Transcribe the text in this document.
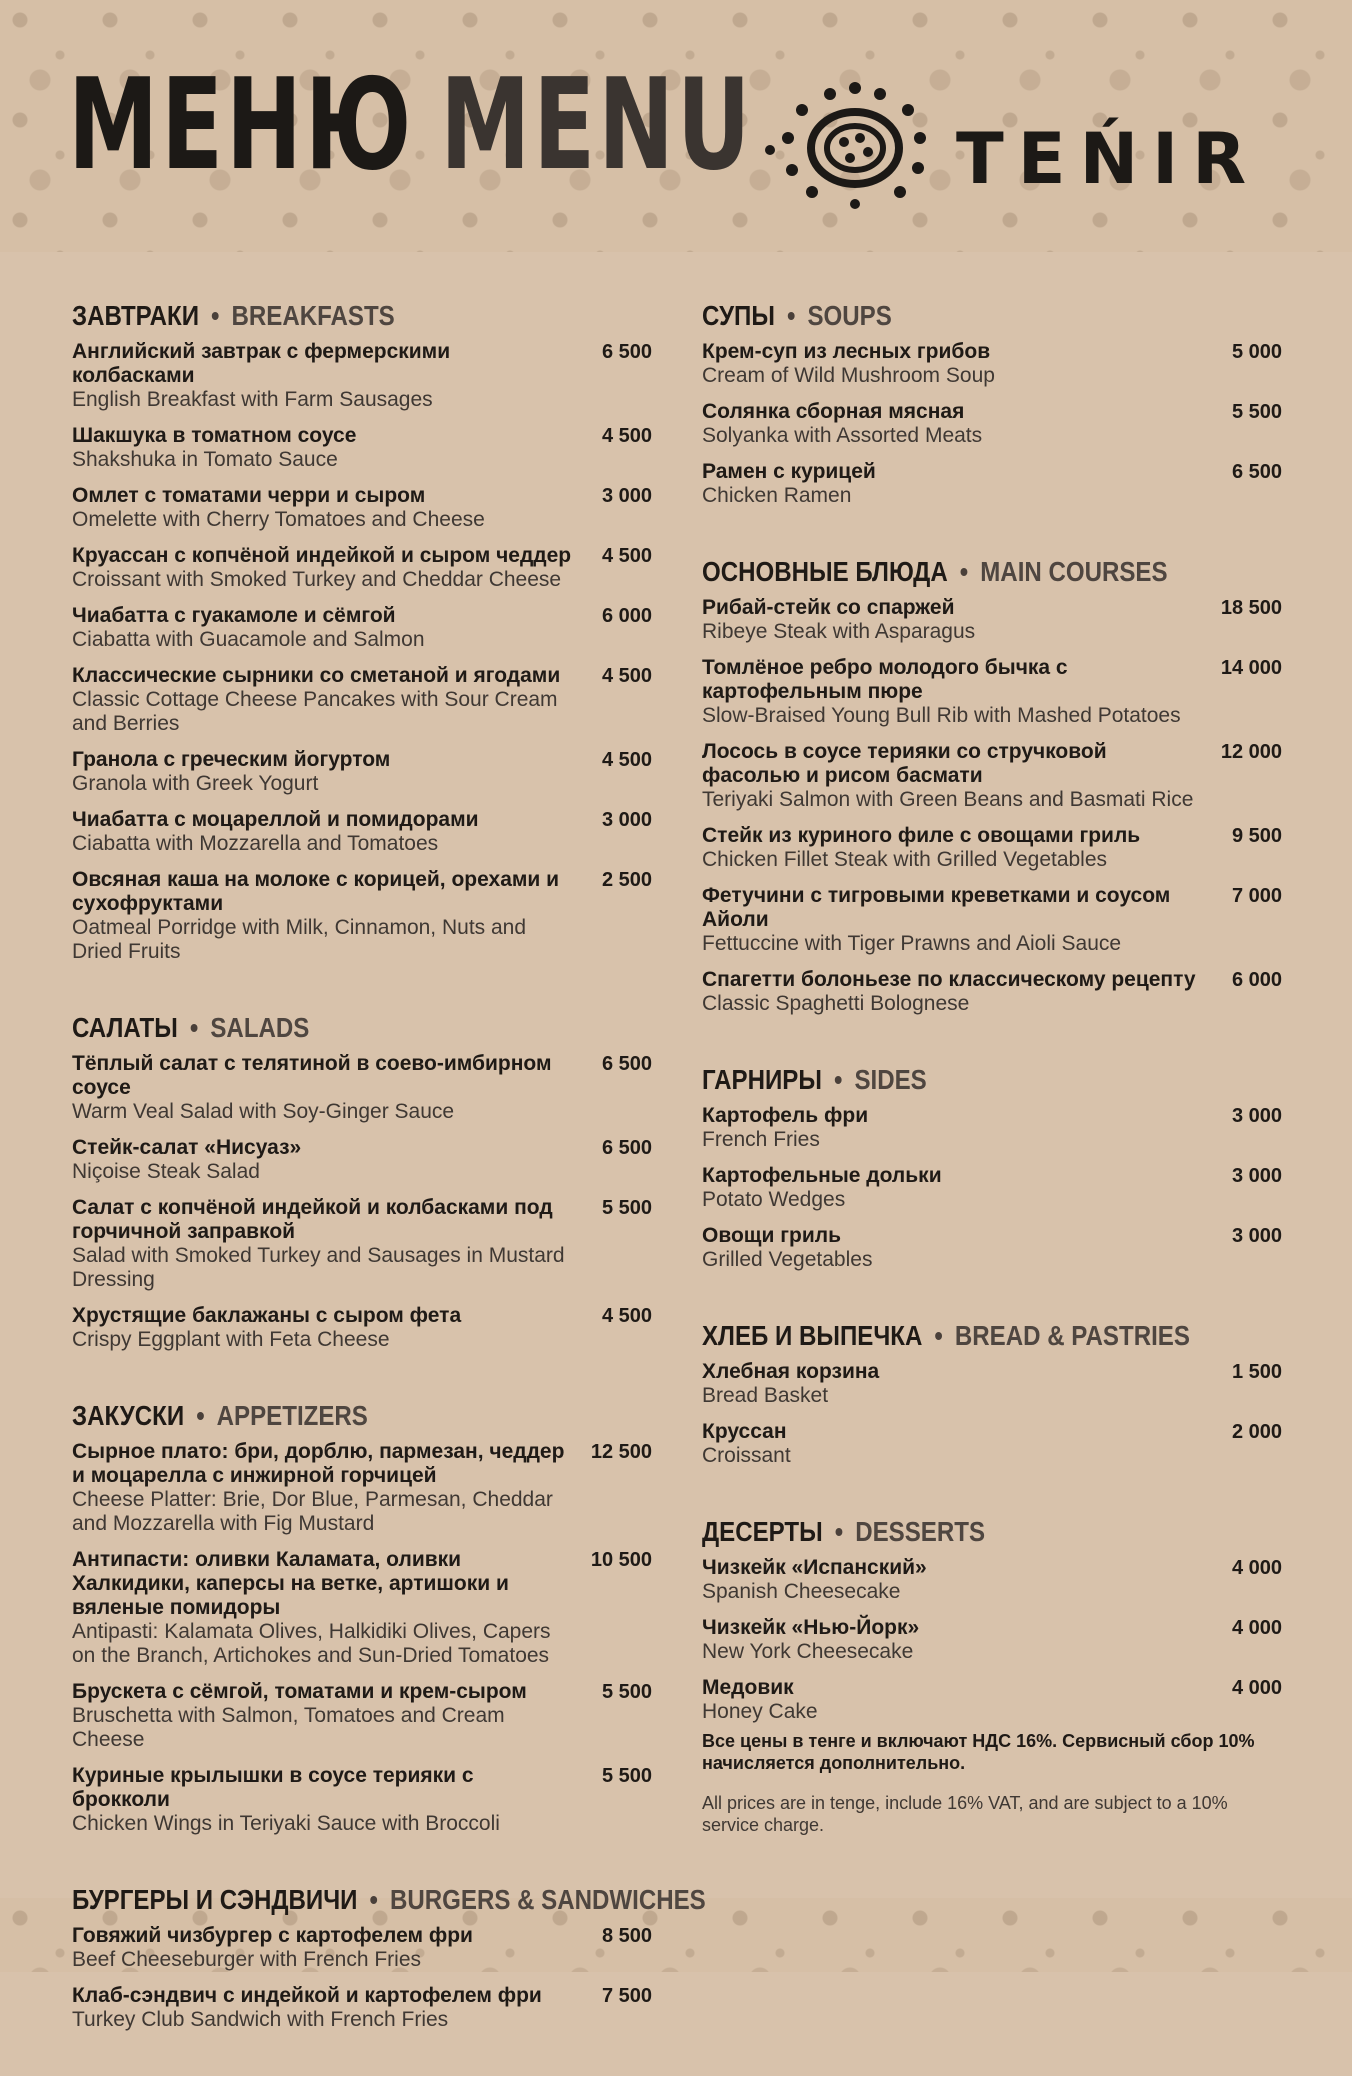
МЕНЮ MENU	TEŃIR
ЗАВТРАКИ • BREAKFASTS
Английский завтрак с фермерскими колбасками
English Breakfast with Farm Sausages
6 500
Шакшука в томатном соусе
Shakshuka in Tomato Sauce
4 500
Омлет с томатами черри и сыром
Omelette with Cherry Tomatoes and Cheese
3 000
Круассан с копчёной индейкой и сыром чеддер
Croissant with Smoked Turkey and Cheddar Cheese
4 500
Чиабатта с гуакамоле и сёмгой
Ciabatta with Guacamole and Salmon
6 000
Классические сырники со сметаной и ягодами
Classic Cottage Cheese Pancakes with Sour Cream and Berries
4 500
Гранола с греческим йогуртом
Granola with Greek Yogurt
4 500
Чиабатта с моцареллой и помидорами
Ciabatta with Mozzarella and Tomatoes
3 000
Овсяная каша на молоке с корицей, орехами и сухофруктами
Oatmeal Porridge with Milk, Cinnamon, Nuts and Dried Fruits
2 500
САЛАТЫ • SALADS
Тёплый салат с телятиной в соево-имбирном соусе
Warm Veal Salad with Soy-Ginger Sauce
6 500
Стейк-салат «Нисуаз»
Niçoise Steak Salad
6 500
Салат с копчёной индейкой и колбасками под горчичной заправкой
Salad with Smoked Turkey and Sausages in Mustard Dressing
5 500
Хрустящие баклажаны с сыром фета
Crispy Eggplant with Feta Cheese
4 500
ЗАКУСКИ • APPETIZERS
Сырное плато: бри, дорблю, пармезан, чеддер и моцарелла с инжирной горчицей
Cheese Platter: Brie, Dor Blue, Parmesan, Cheddar and Mozzarella with Fig Mustard
12 500
Антипасти: оливки Каламата, оливки Халкидики, каперсы на ветке, артишоки и вяленые помидоры
Antipasti: Kalamata Olives, Halkidiki Olives, Capers on the Branch, Artichokes and Sun-Dried Tomatoes
10 500
Брускета с сёмгой, томатами и крем-сыром
Bruschetta with Salmon, Tomatoes and Cream Cheese
5 500
Куриные крылышки в соусе терияки с брокколи
Chicken Wings in Teriyaki Sauce with Broccoli
5 500
БУРГЕРЫ И СЭНДВИЧИ • BURGERS & SANDWICHES
Говяжий чизбургер с картофелем фри
Beef Cheeseburger with French Fries
8 500
Клаб-сэндвич с индейкой и картофелем фри
Turkey Club Sandwich with French Fries
7 500
СУПЫ • SOUPS
Крем-суп из лесных грибов
Cream of Wild Mushroom Soup
5 000
Солянка сборная мясная
Solyanka with Assorted Meats
5 500
Рамен с курицей
Chicken Ramen
6 500
ОСНОВНЫЕ БЛЮДА • MAIN COURSES
Рибай-стейк со спаржей
Ribeye Steak with Asparagus
18 500
Томлёное ребро молодого бычка с картофельным пюре
Slow-Braised Young Bull Rib with Mashed Potatoes
14 000
Лосось в соусе терияки со стручковой фасолью и рисом басмати
Teriyaki Salmon with Green Beans and Basmati Rice
12 000
Стейк из куриного филе с овощами гриль
Chicken Fillet Steak with Grilled Vegetables
9 500
Фетучини с тигровыми креветками и соусом Айоли
Fettuccine with Tiger Prawns and Aioli Sauce
7 000
Спагетти болоньезе по классическому рецепту
Classic Spaghetti Bolognese
6 000
ГАРНИРЫ • SIDES
Картофель фри
French Fries
3 000
Картофельные дольки
Potato Wedges
3 000
Овощи гриль
Grilled Vegetables
3 000
ХЛЕБ И ВЫПЕЧКА • BREAD & PASTRIES
Хлебная корзина
Bread Basket
1 500
Круссан
Croissant
2 000
ДЕСЕРТЫ • DESSERTS
Чизкейк «Испанский»
Spanish Cheesecake
4 000
Чизкейк «Нью-Йорк»
New York Cheesecake
4 000
Медовик
Honey Cake
4 000

Все цены в тенге и включают НДС 16%. Сервисный сбор 10% начисляется дополнительно.

All prices are in tenge, include 16% VAT, and are subject to a 10% service charge.
